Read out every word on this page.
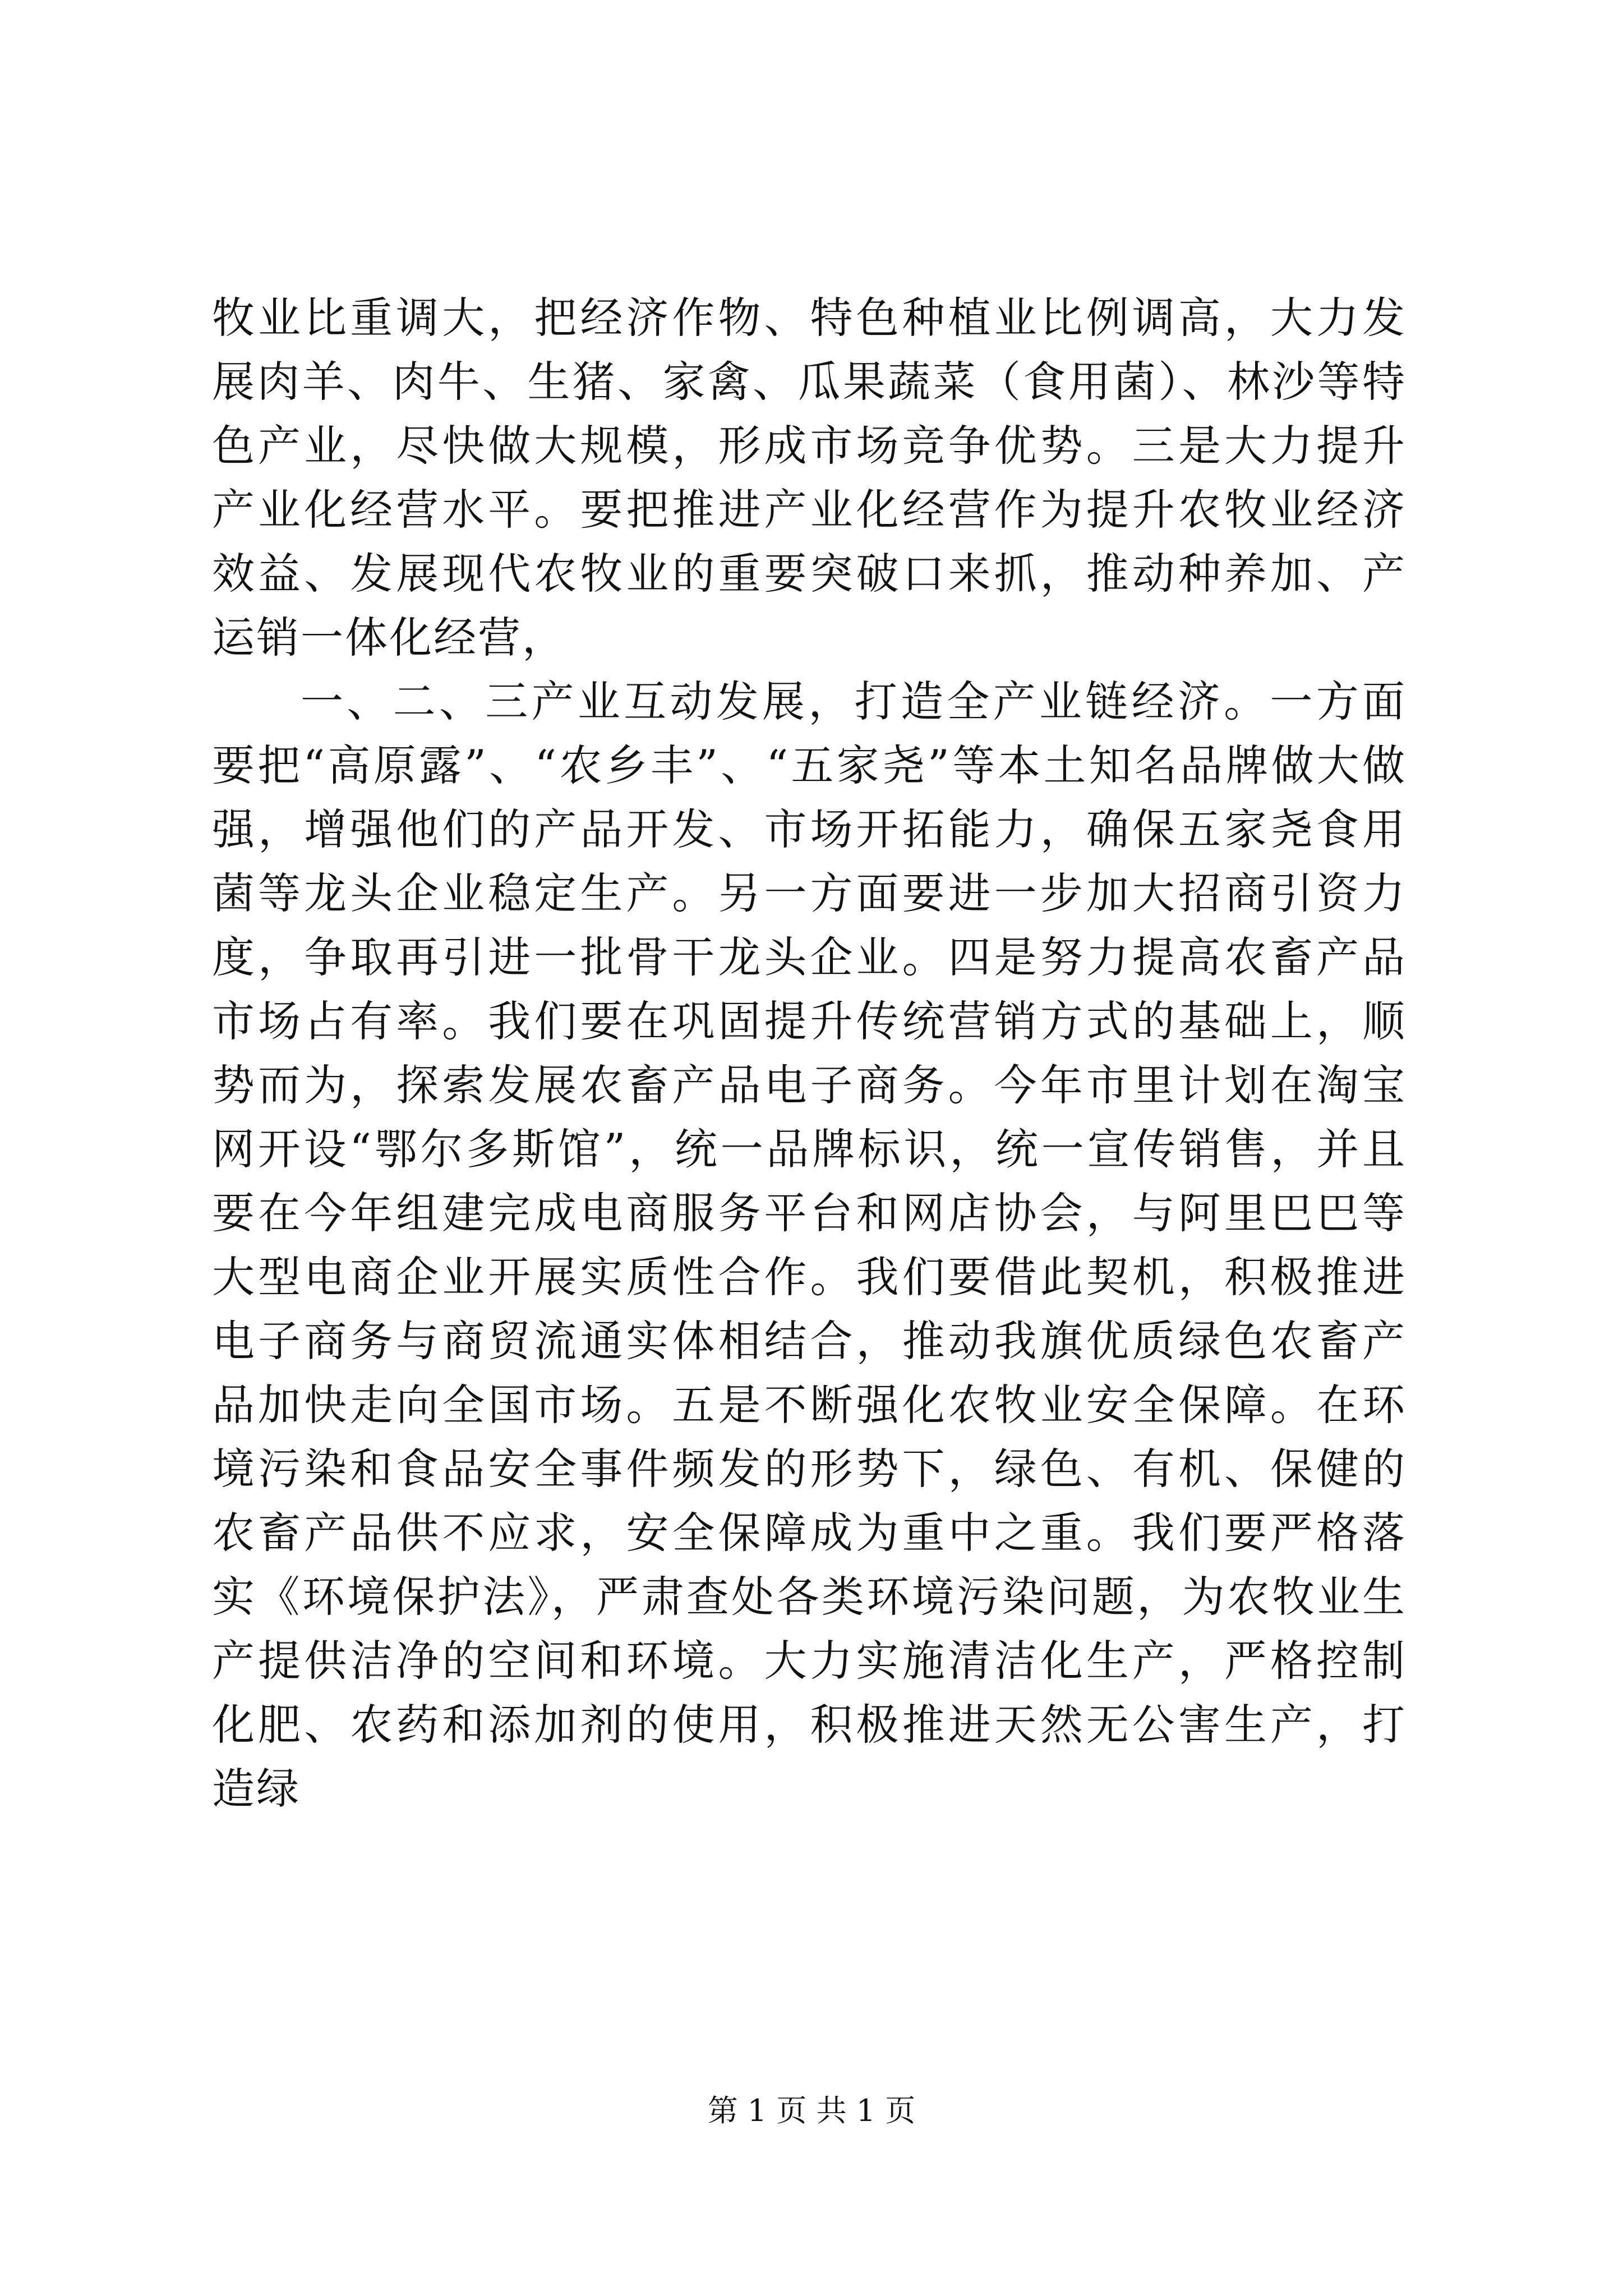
牧业比重调大，把经济作物、特色种植业比例调高，大力发展肉羊、肉牛、生猪、家禽、瓜果蔬菜（食用菌）、林沙等特色产业，尽快做大规模，形成市场竞争优势。三是大力提升产业化经营水平。要把推进产业化经营作为提升农牧业经济效益、发展现代农牧业的重要突破口来抓，推动种养加、产运销一体化经营，

一、二、三产业互动发展，打造全产业链经济。一方面要把“高原露”、“农乡丰”、“五家尧”等本土知名品牌做大做强，增强他们的产品开发、市场开拓能力，确保五家尧食用菌等龙头企业稳定生产。另一方面要进一步加大招商引资力度，争取再引进一批骨干龙头企业。四是努力提高农畜产品市场占有率。我们要在巩固提升传统营销方式的基础上，顺势而为，探索发展农畜产品电子商务。今年市里计划在淘宝网开设“鄂尔多斯馆”，统一品牌标识，统一宣传销售，并且要在今年组建完成电商服务平台和网店协会，与阿里巴巴等大型电商企业开展实质性合作。我们要借此契机，积极推进电子商务与商贸流通实体相结合，推动我旗优质绿色农畜产品加快走向全国市场。五是不断强化农牧业安全保障。在环境污染和食品安全事件频发的形势下，绿色、有机、保健的农畜产品供不应求，安全保障成为重中之重。我们要严格落实《环境保护法》，严肃查处各类环境污染问题，为农牧业生产提供洁净的空间和环境。大力实施清洁化生产，严格控制化肥、农药和添加剂的使用，积极推进天然无公害生产，打造绿

第 1 页 共 1 页
